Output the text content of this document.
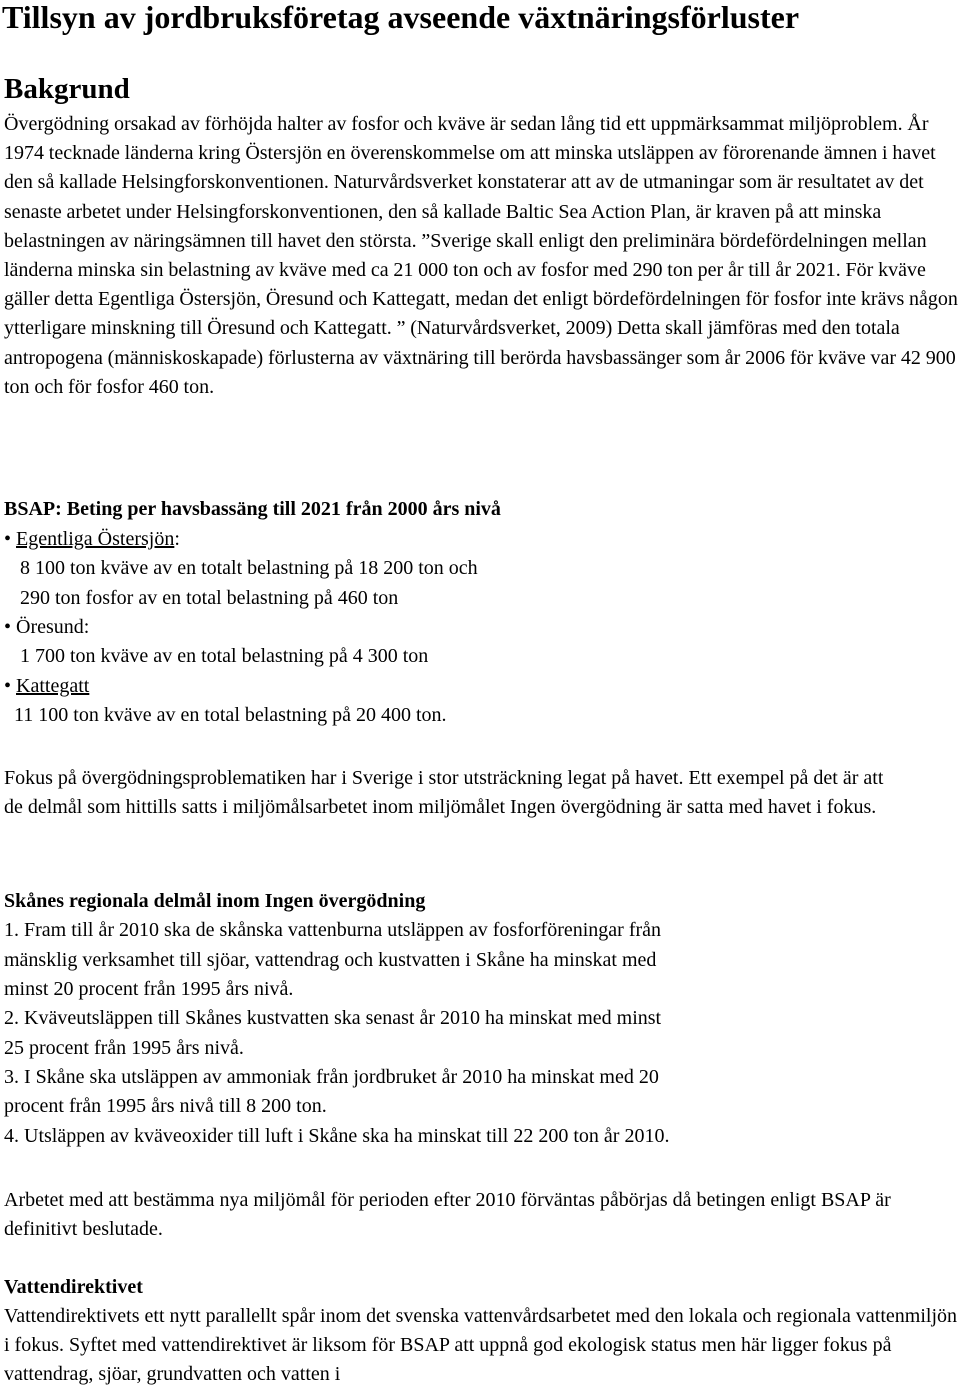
Tillsyn av jordbruksföretag avseende växtnäringsförluster
Bakgrund

Övergödning orsakad av förhöjda halter av fosfor och kväve är sedan lång tid ett uppmärksammat miljöproblem. År 1974 tecknade länderna kring Östersjön en överenskommelse om att minska utsläppen av förorenande ämnen i havet den så kallade Helsingforskonventionen. Naturvårdsverket konstaterar att av de utmaningar som är resultatet av det senaste arbetet under Helsingforskonventionen, den så kallade Baltic Sea Action Plan, är kraven på att minska belastningen av näringsämnen till havet den största. ”Sverige skall enligt den preliminära bördefördelningen mellan länderna minska sin belastning av kväve med ca 21 000 ton och av fosfor med 290 ton per år till år 2021. För kväve gäller detta Egentliga Östersjön, Öresund och Kattegatt, medan det enligt bördefördelningen för fosfor inte krävs någon ytterligare minskning till Öresund och Kattegatt. ” (Naturvårdsverket, 2009) Detta skall jämföras med den totala antropogena (människoskapade) förlusterna av växtnäring till berörda havsbassänger som år 2006 för kväve var 42 900 ton och för fosfor 460 ton.

BSAP: Beting per havsbassäng till 2021 från 2000 års nivå
• Egentliga Östersjön:
8 100 ton kväve av en totalt belastning på 18 200 ton och
290 ton fosfor av en total belastning på 460 ton
• Öresund:
1 700 ton kväve av en total belastning på 4 300 ton
• Kattegatt
11 100 ton kväve av en total belastning på 20 400 ton.

Fokus på övergödningsproblematiken har i Sverige i stor utsträckning legat på havet. Ett exempel på det är att de delmål som hittills satts i miljömålsarbetet inom miljömålet Ingen övergödning är satta med havet i fokus.

Skånes regionala delmål inom Ingen övergödning
1. Fram till år 2010 ska de skånska vattenburna utsläppen av fosforföreningar från
mänsklig verksamhet till sjöar, vattendrag och kustvatten i Skåne ha minskat med
minst 20 procent från 1995 års nivå.
2. Kväveutsläppen till Skånes kustvatten ska senast år 2010 ha minskat med minst
25 procent från 1995 års nivå.
3. I Skåne ska utsläppen av ammoniak från jordbruket år 2010 ha minskat med 20
procent från 1995 års nivå till 8 200 ton.
4. Utsläppen av kväveoxider till luft i Skåne ska ha minskat till 22 200 ton år 2010.

Arbetet med att bestämma nya miljömål för perioden efter 2010 förväntas påbörjas då betingen enligt BSAP är definitivt beslutade.

Vattendirektivet

Vattendirektivets ett nytt parallellt spår inom det svenska vattenvårdsarbetet med den lokala och regionala vattenmiljön i fokus. Syftet med vattendirektivet är liksom för BSAP att uppnå god ekologisk status men här ligger fokus på vattendrag, sjöar, grundvatten och vatten i
